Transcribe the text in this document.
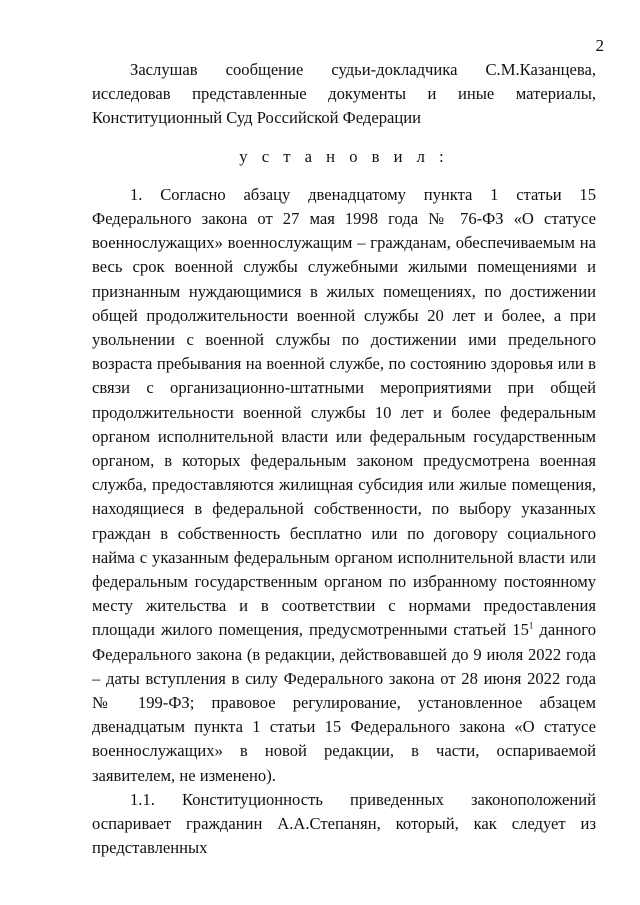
2

Заслушав сообщение судьи-докладчика С.М.Казанцева, исследовав представленные документы и иные материалы, Конституционный Суд Российской Федерации

у с т а н о в и л :

1. Согласно абзацу двенадцатому пункта 1 статьи 15 Федерального закона от 27 мая 1998 года № 76-ФЗ «О статусе военнослужащих» военнослужащим – гражданам, обеспечиваемым на весь срок военной службы служебными жилыми помещениями и признанным нуждающимися в жилых помещениях, по достижении общей продолжительности военной службы 20 лет и более, а при увольнении с военной службы по достижении ими предельного возраста пребывания на военной службе, по состоянию здоровья или в связи с организационно-штатными мероприятиями при общей продолжительности военной службы 10 лет и более федеральным органом исполнительной власти или федеральным государственным органом, в которых федеральным законом предусмотрена военная служба, предоставляются жилищная субсидия или жилые помещения, находящиеся в федеральной собственности, по выбору указанных граждан в собственность бесплатно или по договору социального найма с указанным федеральным органом исполнительной власти или федеральным государственным органом по избранному постоянному месту жительства и в соответствии с нормами предоставления площади жилого помещения, предусмотренными статьей $15^1$ данного Федерального закона (в редакции, действовавшей до 9 июля 2022 года – даты вступления в силу Федерального закона от 28 июня 2022 года № 199-ФЗ; правовое регулирование, установленное абзацем двенадцатым пункта 1 статьи 15 Федерального закона «О статусе военнослужащих» в новой редакции, в части, оспариваемой заявителем, не изменено).

1.1. Конституционность приведенных законоположений оспаривает гражданин А.А.Степанян, который, как следует из представленных
